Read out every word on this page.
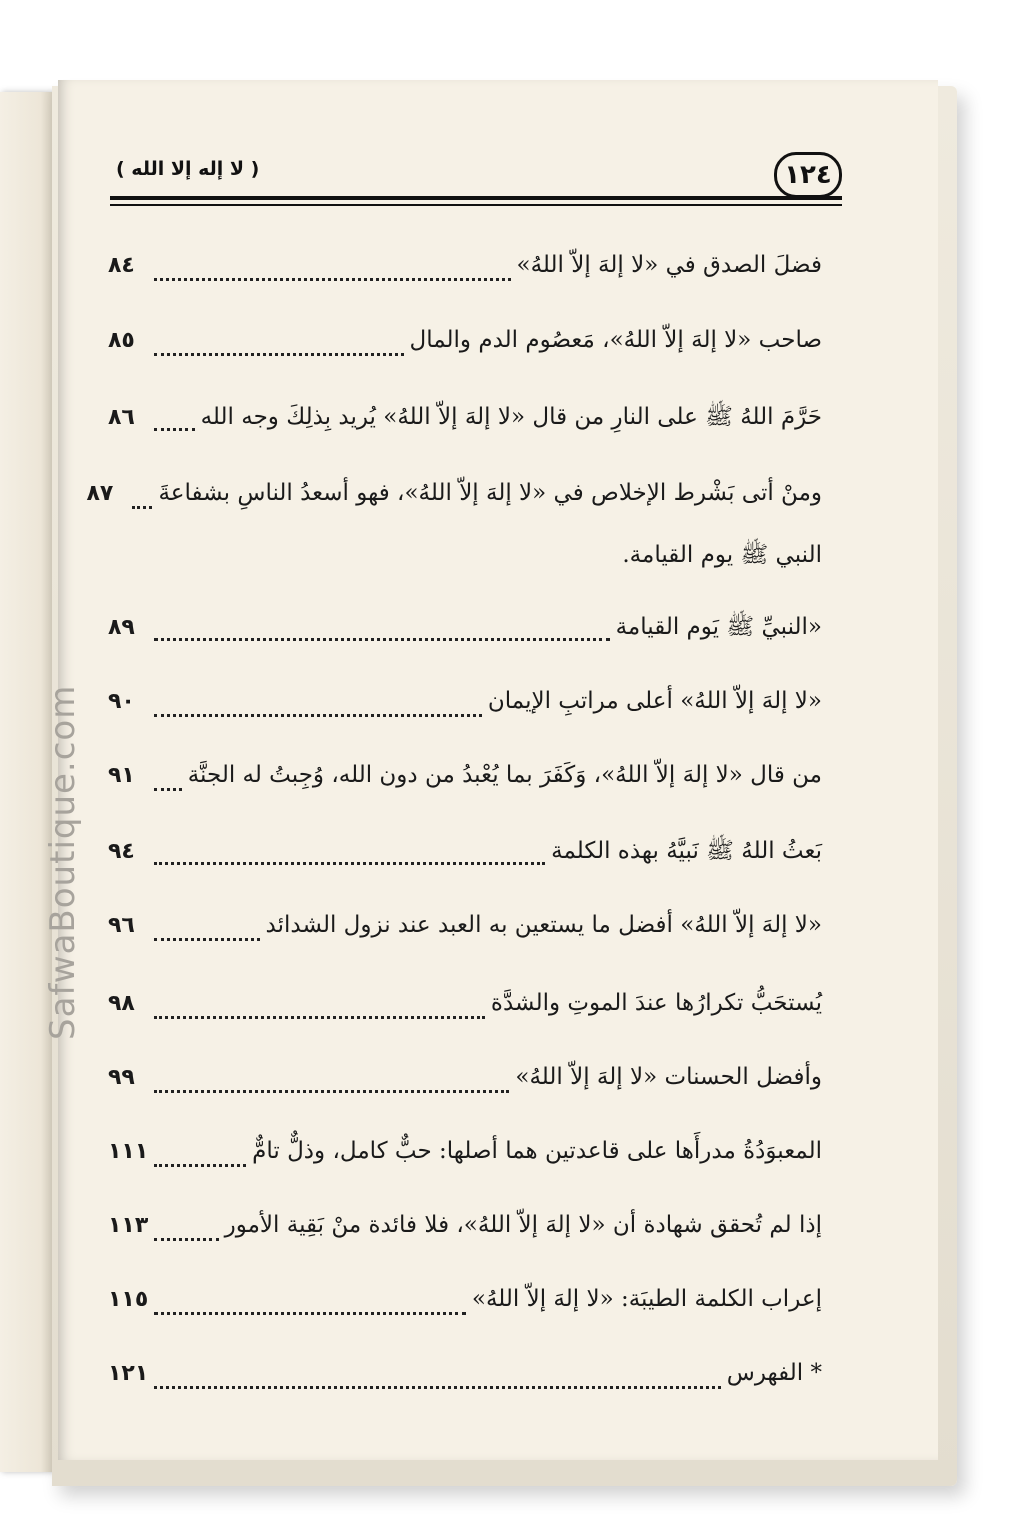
SafwaBoutique.com
١٢٤
( لا إله إلا الله )
فضلَ الصدق في «لا إلهَ إلاّ اللهُ»
٨٤
صاحب «لا إلهَ إلاّ اللهُ»، مَعصُوم الدم والمال
٨٥
حَرَّمَ اللهُ ﷺ على النارِ من قال «لا إلهَ إلاّ اللهُ» يُريد بِذلِكَ وجه الله
٨٦
ومنْ أتى بَشْرط الإخلاص في «لا إلهَ إلاّ اللهُ»، فهو أسعدُ الناسِ بشفاعةَ
٨٧
النبي ﷺ يوم القيامة.
«النبيِّ ﷺ يَوم القيامة
٨٩
«لا إلهَ إلاّ اللهُ» أعلى مراتبِ الإيمان
٩٠
من قال «لا إلهَ إلاّ اللهُ»، وَكَفَرَ بما يُعْبدُ من دون الله، وُجِبتُ له الجنَّة
٩١
بَعثُ اللهُ ﷺ نَبيَّهُ بهذه الكلمة
٩٤
«لا إلهَ إلاّ اللهُ» أفضل ما يستعين به العبد عند نزول الشدائد
٩٦
يُستحَبُّ تكرارُها عندَ الموتِ والشدَّة
٩٨
وأفضل الحسنات «لا إلهَ إلاّ اللهُ»
٩٩
المعبوَدُةُ مدرأَها على قاعدتين هما أصلها: حبٌّ كامل، وذلٌّ تامٌّ
١١١
إذا لم تُحقق شهادة أن «لا إلهَ إلاّ اللهُ»، فلا فائدة منْ بَقِية الأمور
١١٣
إعراب الكلمة الطيبَة: «لا إلهَ إلاّ اللهُ»
١١٥
* الفهرس
١٢١
